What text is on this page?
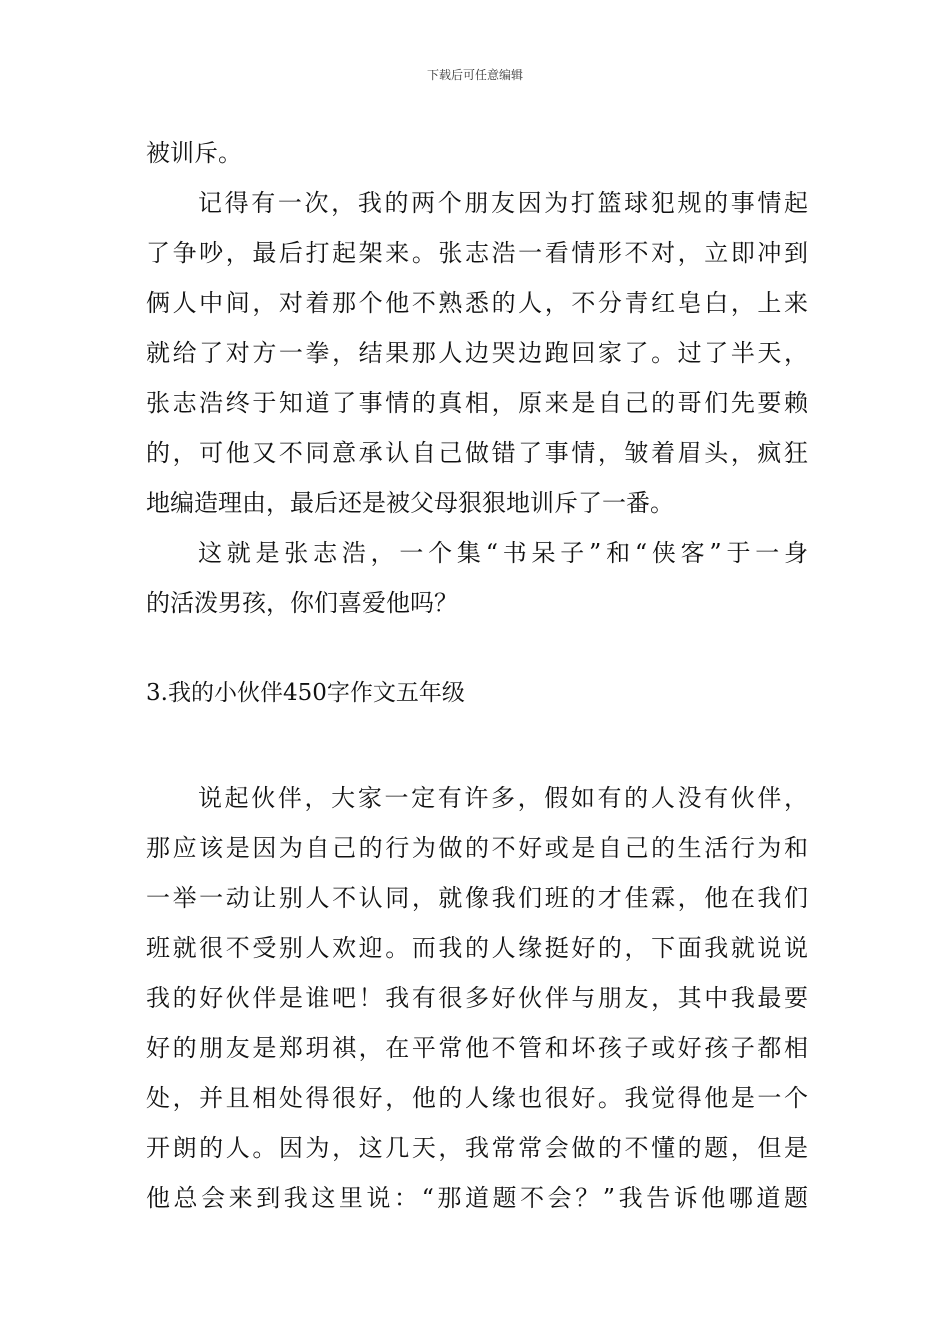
下载后可任意编辑
被训斥。
记得有一次，我的两个朋友因为打篮球犯规的事情起
了争吵，最后打起架来。张志浩一看情形不对，立即冲到
俩人中间，对着那个他不熟悉的人，不分青红皂白，上来
就给了对方一拳，结果那人边哭边跑回家了。过了半天，
张志浩终于知道了事情的真相，原来是自己的哥们先要赖
的，可他又不同意承认自己做错了事情，皱着眉头，疯狂
地编造理由，最后还是被父母狠狠地训斥了一番。
这就是张志浩，一个集“书呆子”和“侠客”于一身
的活泼男孩，你们喜爱他吗？
3.我的小伙伴450字作文五年级
说起伙伴，大家一定有许多，假如有的人没有伙伴，
那应该是因为自己的行为做的不好或是自己的生活行为和
一举一动让别人不认同，就像我们班的才佳霖，他在我们
班就很不受别人欢迎。而我的人缘挺好的，下面我就说说
我的好伙伴是谁吧！我有很多好伙伴与朋友，其中我最要
好的朋友是郑玥祺，在平常他不管和坏孩子或好孩子都相
处，并且相处得很好，他的人缘也很好。我觉得他是一个
开朗的人。因为，这几天，我常常会做的不懂的题，但是
他总会来到我这里说：“那道题不会？”我告诉他哪道题
